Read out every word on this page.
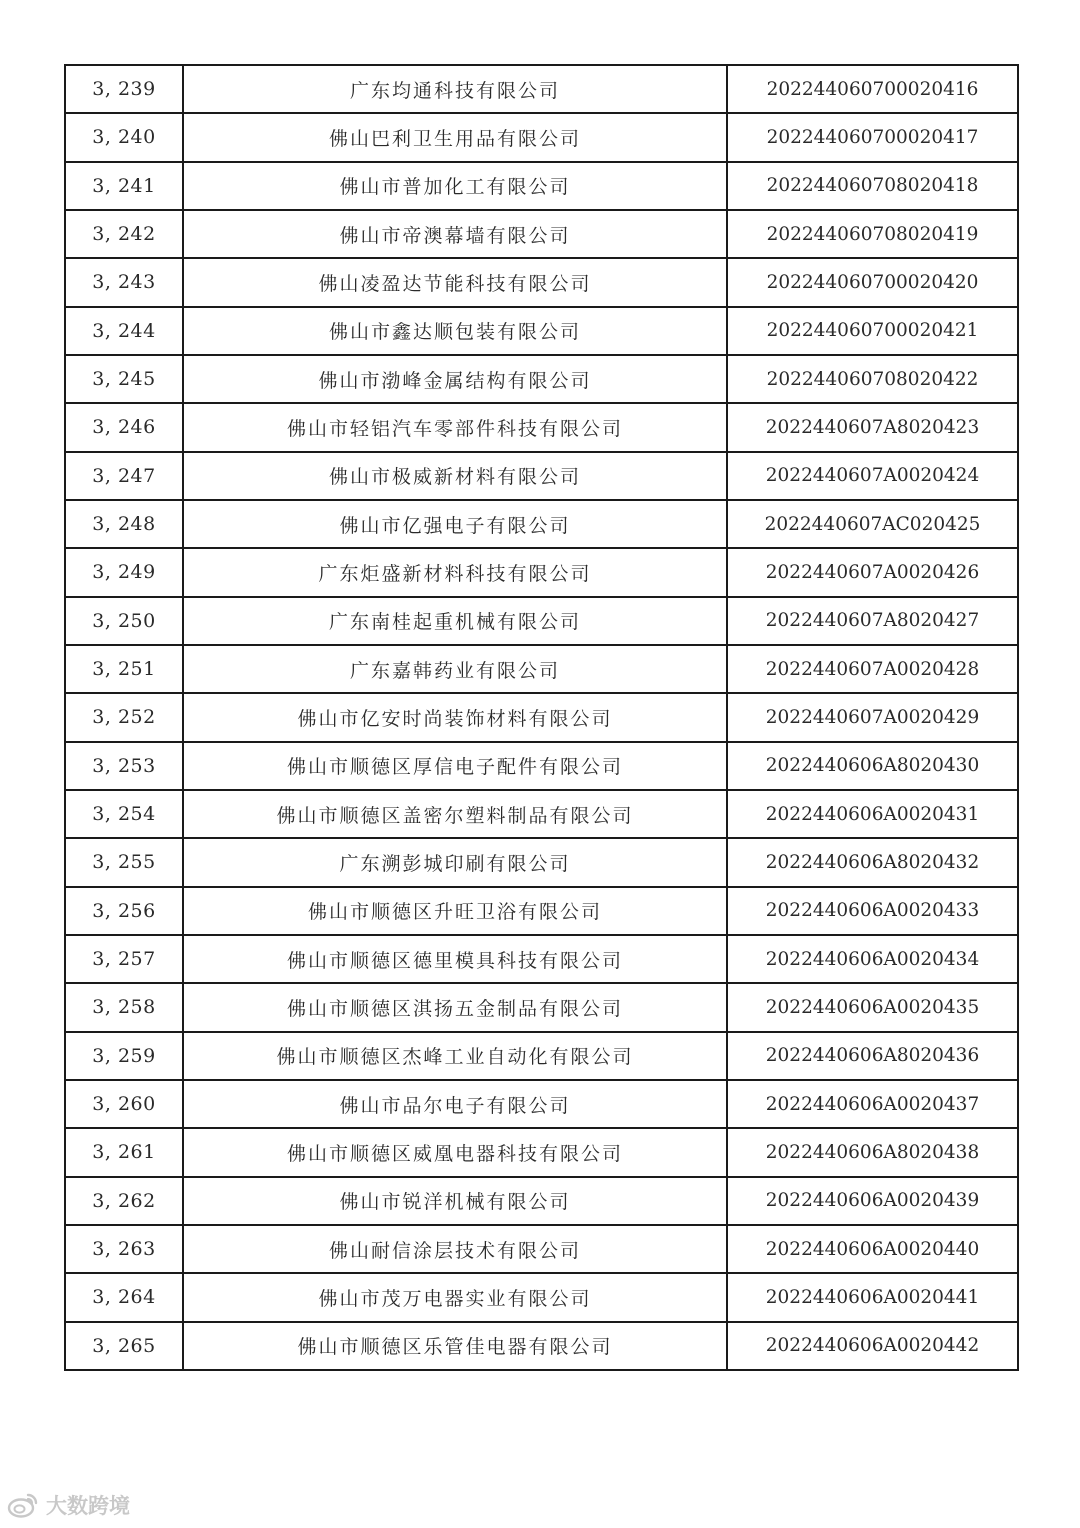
3, 239	广东均通科技有限公司	202244060700020416
3, 240	佛山巴利卫生用品有限公司	202244060700020417
3, 241	佛山市普加化工有限公司	202244060708020418
3, 242	佛山市帝澳幕墙有限公司	202244060708020419
3, 243	佛山凌盈达节能科技有限公司	202244060700020420
3, 244	佛山市鑫达顺包装有限公司	202244060700020421
3, 245	佛山市渤峰金属结构有限公司	202244060708020422
3, 246	佛山市轻铝汽车零部件科技有限公司	2022440607A8020423
3, 247	佛山市极威新材料有限公司	2022440607A0020424
3, 248	佛山市亿强电子有限公司	2022440607AC020425
3, 249	广东炬盛新材料科技有限公司	2022440607A0020426
3, 250	广东南桂起重机械有限公司	2022440607A8020427
3, 251	广东嘉韩药业有限公司	2022440607A0020428
3, 252	佛山市亿安时尚装饰材料有限公司	2022440607A0020429
3, 253	佛山市顺德区厚信电子配件有限公司	2022440606A8020430
3, 254	佛山市顺德区盖密尔塑料制品有限公司	2022440606A0020431
3, 255	广东溯彭城印刷有限公司	2022440606A8020432
3, 256	佛山市顺德区升旺卫浴有限公司	2022440606A0020433
3, 257	佛山市顺德区德里模具科技有限公司	2022440606A0020434
3, 258	佛山市顺德区淇扬五金制品有限公司	2022440606A0020435
3, 259	佛山市顺德区杰峰工业自动化有限公司	2022440606A8020436
3, 260	佛山市品尔电子有限公司	2022440606A0020437
3, 261	佛山市顺德区威凰电器科技有限公司	2022440606A8020438
3, 262	佛山市锐洋机械有限公司	2022440606A0020439
3, 263	佛山耐信涂层技术有限公司	2022440606A0020440
3, 264	佛山市茂万电器实业有限公司	2022440606A0020441
3, 265	佛山市顺德区乐管佳电器有限公司	2022440606A0020442
大数跨境
